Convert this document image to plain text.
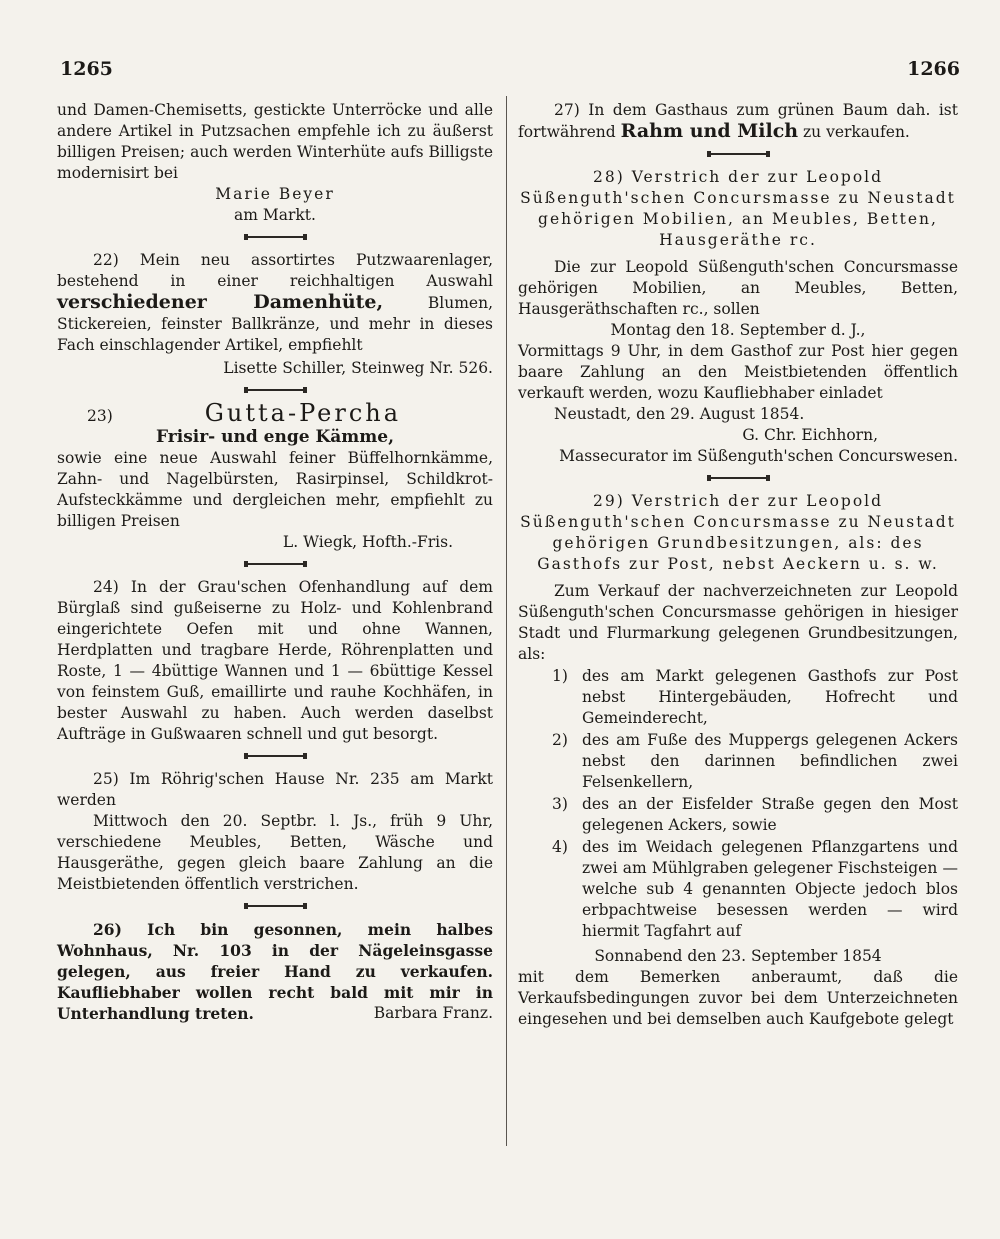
1265	1266

und Damen-Chemisetts, gestickte Unterröcke und alle andere Artikel in Putzsachen empfehle ich zu äußerst billigen Preisen; auch werden Winterhüte aufs Billigste modernisirt bei

Marie Beyer

am Markt.

22) Mein neu assortirtes Putzwaarenlager, bestehend in einer reichhaltigen Auswahl verschiedener Damenhüte, Blumen, Stickereien, feinster Ballkränze, und mehr in dieses Fach einschlagender Artikel, empfiehlt

Lisette Schiller, Steinweg Nr. 526.

23)	Gutta-Percha

Frisir- und enge Kämme,

sowie eine neue Auswahl feiner Büffelhornkämme, Zahn- und Nagelbürsten, Rasirpinsel, Schildkrot-Aufsteckkämme und dergleichen mehr, empfiehlt zu billigen Preisen

L. Wiegk, Hofth.-Fris.

24) In der Grau'schen Ofenhandlung auf dem Bürglaß sind gußeiserne zu Holz- und Kohlenbrand eingerichtete Oefen mit und ohne Wannen, Herdplatten und tragbare Herde, Röhrenplatten und Roste, 1 — 4büttige Wannen und 1 — 6büttige Kessel von feinstem Guß, emaillirte und rauhe Kochhäfen, in bester Auswahl zu haben. Auch werden daselbst Aufträge in Gußwaaren schnell und gut besorgt.

25) Im Röhrig'schen Hause Nr. 235 am Markt werden

Mittwoch den 20. Septbr. l. Js., früh 9 Uhr, verschiedene Meubles, Betten, Wäsche und Hausgeräthe, gegen gleich baare Zahlung an die Meistbietenden öffentlich verstrichen.

26) Ich bin gesonnen, mein halbes Wohnhaus, Nr. 103 in der Nägeleinsgasse gelegen, aus freier Hand zu verkaufen. Kaufliebhaber wollen recht bald mit mir in Unterhandlung treten.	Barbara Franz.

27) In dem Gasthaus zum grünen Baum dah. ist fortwährend Rahm und Milch zu verkaufen.

28) Verstrich der zur Leopold Süßenguth'schen Concursmasse zu Neustadt gehörigen Mobilien, an Meubles, Betten, Hausgeräthe rc.

Die zur Leopold Süßenguth'schen Concursmasse gehörigen Mobilien, an Meubles, Betten, Hausgeräthschaften rc., sollen

Montag den 18. September d. J.,

Vormittags 9 Uhr, in dem Gasthof zur Post hier gegen baare Zahlung an den Meistbietenden öffentlich verkauft werden, wozu Kaufliebhaber einladet

Neustadt, den 29. August 1854.

G. Chr. Eichhorn,

Massecurator im Süßenguth'schen Concurswesen.

29) Verstrich der zur Leopold Süßenguth'schen Concursmasse zu Neustadt gehörigen Grundbesitzungen, als: des Gasthofs zur Post, nebst Aeckern u. s. w.

Zum Verkauf der nachverzeichneten zur Leopold Süßenguth'schen Concursmasse gehörigen in hiesiger Stadt und Flurmarkung gelegenen Grundbesitzungen, als:

1) des am Markt gelegenen Gasthofs zur Post nebst Hintergebäuden, Hofrecht und Gemeinderecht,

2) des am Fuße des Muppergs gelegenen Ackers nebst den darinnen befindlichen zwei Felsenkellern,

3) des an der Eisfelder Straße gegen den Most gelegenen Ackers, sowie

4) des im Weidach gelegenen Pflanzgartens und zwei am Mühlgraben gelegener Fischsteigen — welche sub 4 genannten Objecte jedoch blos erbpachtweise besessen werden — wird hiermit Tagfahrt auf

Sonnabend den 23. September 1854

mit dem Bemerken anberaumt, daß die Verkaufsbedingungen zuvor bei dem Unterzeichneten eingesehen und bei demselben auch Kaufgebote gelegt
